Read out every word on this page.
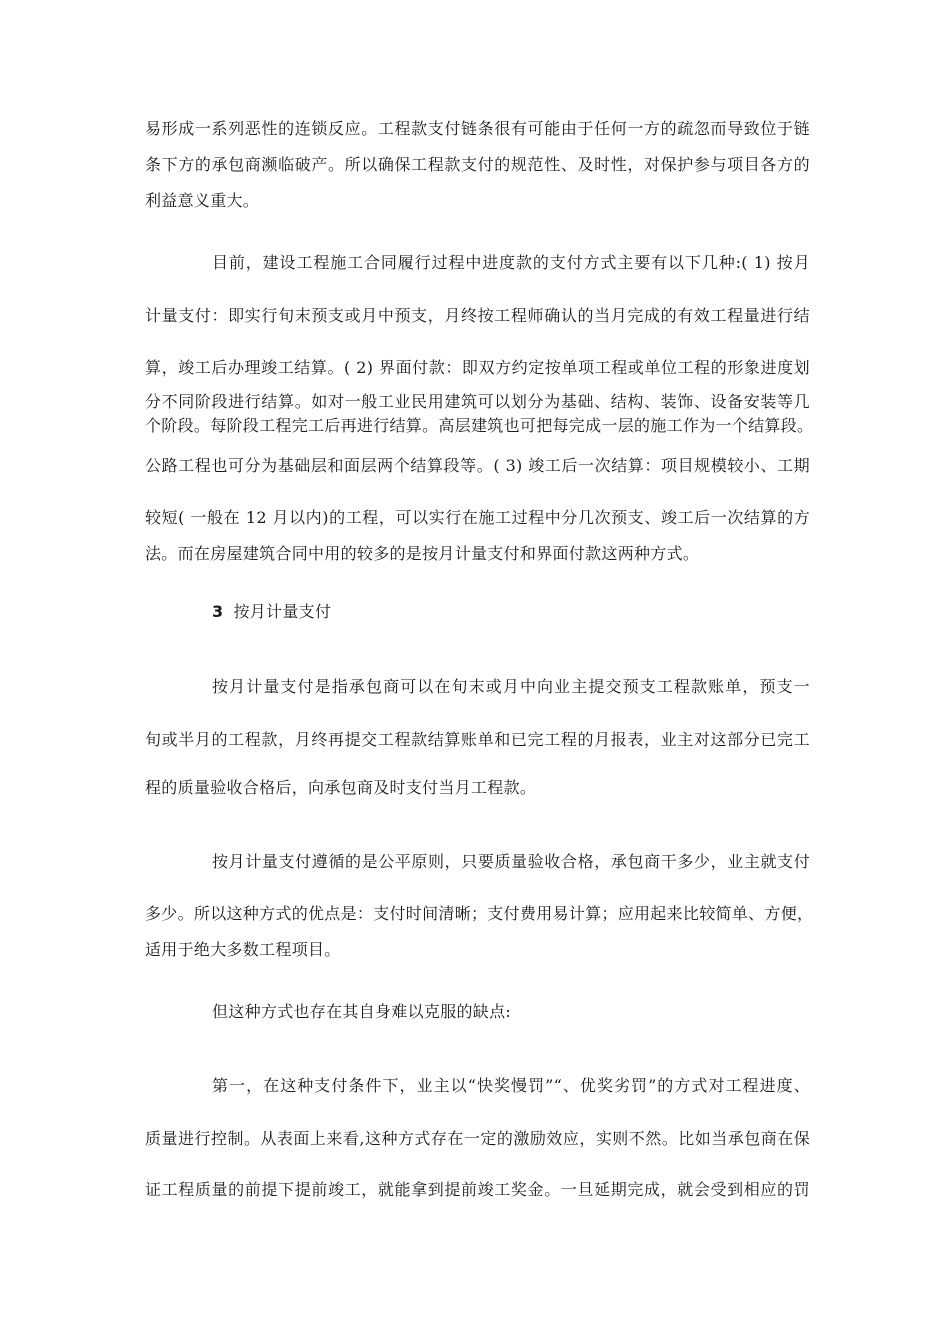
易形成一系列恶性的连锁反应。工程款支付链条很有可能由于任何一方的疏忽而导致位于链
条下方的承包商濒临破产。所以确保工程款支付的规范性、及时性，对保护参与项目各方的
利益意义重大。
目前，建设工程施工合同履行过程中进度款的支付方式主要有以下几种:( 1) 按月
计量支付：即实行旬末预支或月中预支，月终按工程师确认的当月完成的有效工程量进行结
算，竣工后办理竣工结算。( 2) 界面付款：即双方约定按单项工程或单位工程的形象进度划
分不同阶段进行结算。如对一般工业民用建筑可以划分为基础、结构、装饰、设备安装等几
个阶段。每阶段工程完工后再进行结算。高层建筑也可把每完成一层的施工作为一个结算段。
公路工程也可分为基础层和面层两个结算段等。( 3) 竣工后一次结算：项目规模较小、工期
较短( 一般在 12 月以内)的工程，可以实行在施工过程中分几次预支、竣工后一次结算的方
法。而在房屋建筑合同中用的较多的是按月计量支付和界面付款这两种方式。
3 按月计量支付
按月计量支付是指承包商可以在旬末或月中向业主提交预支工程款账单，预支一
旬或半月的工程款，月终再提交工程款结算账单和已完工程的月报表，业主对这部分已完工
程的质量验收合格后，向承包商及时支付当月工程款。
按月计量支付遵循的是公平原则，只要质量验收合格，承包商干多少，业主就支付
多少。所以这种方式的优点是：支付时间清晰；支付费用易计算；应用起来比较简单、方便，
适用于绝大多数工程项目。
但这种方式也存在其自身难以克服的缺点:
第一，在这种支付条件下，业主以“快奖慢罚”“、优奖劣罚”的方式对工程进度、
质量进行控制。从表面上来看,这种方式存在一定的激励效应，实则不然。比如当承包商在保
证工程质量的前提下提前竣工，就能拿到提前竣工奖金。一旦延期完成，就会受到相应的罚
